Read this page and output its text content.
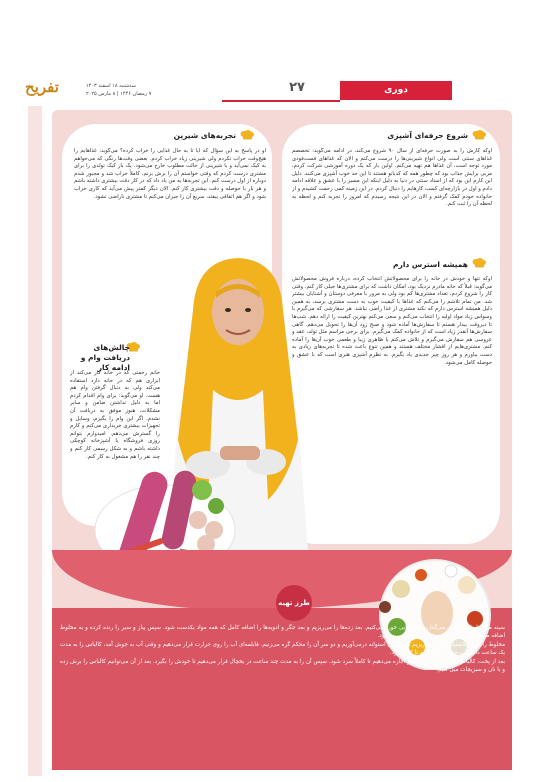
تفریح	سه‌شنبه ۱۸ اسفند ۱۴۰۳
۷ رمضان ۱۴۴۶ | ۸ مارس ۲۰۲۵	۲۷	دوری
شروع حرفه‌ای آشپزی
اوکه کارش را به صورت حرفه‌ای از سال ۹۰ شروع می‌کند، در ادامه می‌گوید: تخصصم غذاهای سنتی است ولی انواع شیرینی‌ها را درست می‌کنم و الان که غذاهای فست‌فودی مورد توجه است، آن غذاها هم تهیه می‌کنم. اولین بار که یک دوره آموزشی شرکت کردم، مربی برایش جذاب بود که چطور همه که کدبانو هستند تا این حد خوب آشپزی می‌کنند. دلیل این کارم این بود که از استاد سنتی در دنیا به دلیل اینکه این مسیر را با عشق و علاقه ادامه دادم و اول در بازارچه‌ای کسب کارهایم را دنبال کردم. در این زمینه کمی زحمت کشیدم و از خانواده خودم کمک گرفتم و الان در این نتیجه رسیدم که امروز را تجربه کنم و لحظه به لحظه آن را ثبت کنم.
همیشه استرس دارم
اوکه تنها و خودش در خانه را برای محصولاتش انتخاب کرده، درباره فروش محصولاتش می‌گوید: قبلاً که خانه مادرم نزدیک بود، امکان داشت که برای مشتری‌ها خیلی کار کنم. وقتی کار را شروع کردم، تعداد مشتری‌ها کم بود ولی به مرور با معرفی دوستان و آشنایان بیشتر شد. من تمام تلاشم را می‌کنم که غذاها با کیفیت خوب به دست مشتری برسد، به همین دلیل همیشه استرس دارم که نکند مشتری از غذا راضی نباشد. هر سفارشی که می‌گیرم با وسواس زیاد مواد اولیه را انتخاب می‌کنم و سعی می‌کنم بهترین کیفیت را ارائه دهم. شب‌ها تا دیروقت بیدار هستم تا سفارش‌ها آماده شود و صبح زود آن‌ها را تحویل می‌دهم. گاهی سفارش‌ها آنقدر زیاد است که از خانواده کمک می‌گیرم. برای برخی مراسم مثل تولد، عقد و عروسی هم سفارش می‌گیرم و تلاش می‌کنم با ظاهری زیبا و طعمی خوب آن‌ها را آماده کنم. مشتری‌هایم از اقشار مختلف هستند و همین تنوع باعث شده تا تجربه‌های زیادی به دست بیاورم و هر روز چیز جدیدی یاد بگیرم. به نظرم آشپزی هنری است که با عشق و حوصله کامل می‌شود.
تجربه‌های شیرین
او در پاسخ به این سؤال که آیا تا به حال غذایی را خراب کرده؟ می‌گوید: غذاهایم را هیچ‌وقت خراب نکردم ولی شیرینی زیاد خراب کردم. بعضی وقت‌ها رنگی که می‌خواهم به کیک نمی‌آید و یا شیرینی از حالت مطلوب خارج می‌شود. یک بار کیک تولدی را برای مشتری درست کردم که وقتی خواستم آن را برش بزنم، کاملاً خراب شد و مجبور شدم دوباره از اول درست کنم. این تجربه‌ها به من یاد داد که در کار دقت بیشتری داشته باشم و هر بار با حوصله و دقت بیشتری کار کنم. الان دیگر کمتر پیش می‌آید که کاری خراب شود و اگر هم اتفاقی بیفتد، سریع آن را جبران می‌کنم تا مشتری ناراضی نشود.
چالش‌های دریافت وام و ادامه کار
خانم رحمتی که در خانه کار می‌کند از ابزاری هم که در خانه دارد استفاده می‌کند ولی به دنبال گرفتن وام هم هست. او می‌گوید: برای وام اقدام کردم اما به دلیل نداشتن ضامن و سایر مشکلات، هنوز موفق به دریافت آن نشدم. اگر این وام را بگیرم، وسایل و تجهیزات بیشتری خریداری می‌کنم و کارم را گسترش می‌دهم. امیدوارم بتوانم روزی فروشگاه یا آشپزخانه کوچکی داشته باشم و به شکل رسمی کار کنم و چند نفر را هم مشغول به کار کنم.
طرز تهیه

سینه مرغ را داخل همزن می‌گذاریم و حسابی خورد می‌کنیم. بعد زده‌ها را می‌ریزیم و بعد جگر و ادویه‌ها را اضافه کامل که همه مواد یکدست شود. سپس پیاز و سیر را رنده کرده و به مخلوط اضافه می‌کنیم و آنقدر هم می‌زنیم تا مایه یکدست شود.

مخلوط را داخل پلاستیک فریزر می‌ریزیم و به شکل استوانه درمی‌آوریم و دو سر آن را محکم گره می‌زنیم. قابلمه‌ای آب را روی حرارت قرار می‌دهیم و وقتی آب به جوش آمد، کالباس را به مدت یک ساعت داخل آب جوش می‌گذاریم تا کاملاً بپزد.

بعد از پخت، کالباس را از آب خارج کرده و اجازه می‌دهیم تا کاملاً سرد شود. سپس آن را به مدت چند ساعت در یخچال قرار می‌دهیم تا خودش را بگیرد. بعد از آن می‌توانیم کالباس را برش زده و با نان و سبزیجات میل کنیم.
